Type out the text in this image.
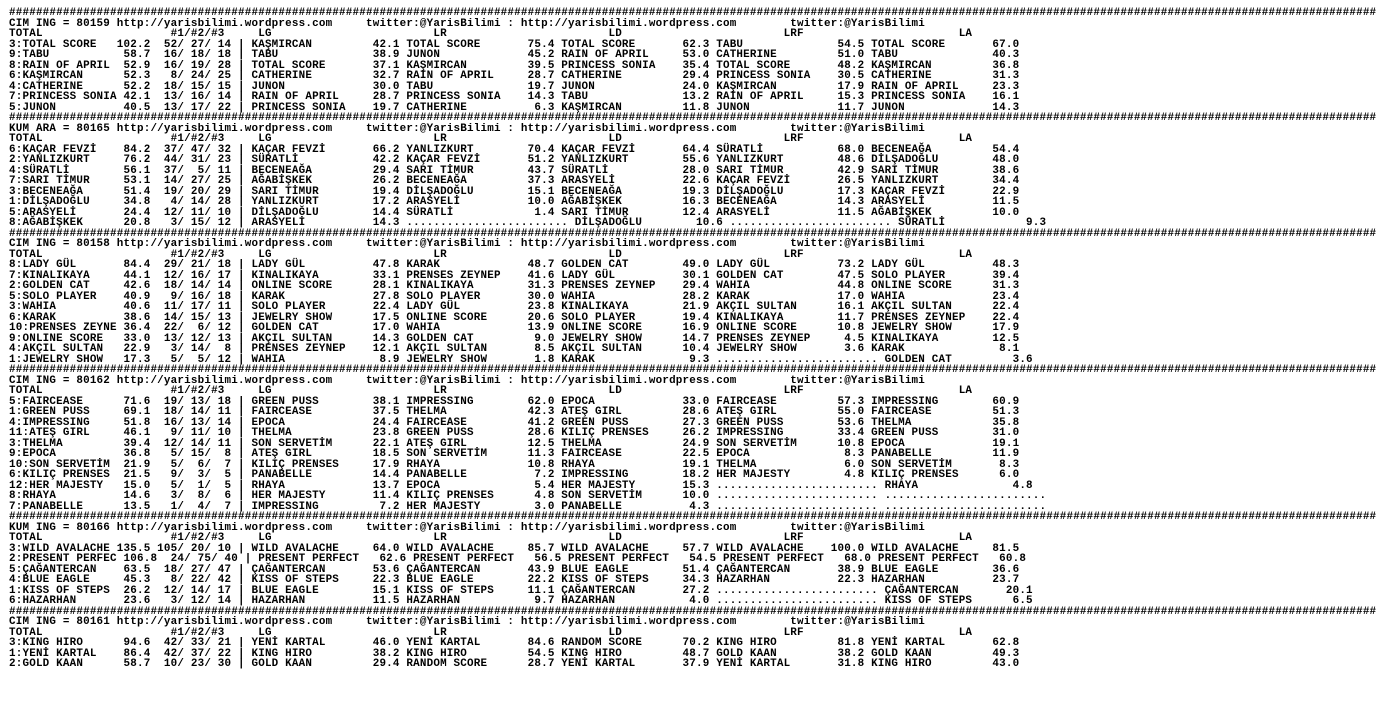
###########################################################################################################################################################################################################
CIM ING = 80159 http://yarisbilimi.wordpress.com     twitter:@YarisBilimi : http://yarisbilimi.wordpress.com        twitter:@YarisBilimi
TOTAL                   #1/#2/#3     LG                        LR                        LD                        LRF                       LA
3:TOTAL SCORE   102.2  52/ 27/ 14 | KAŞMIRCAN         42.1 TOTAL SCORE       75.4 TOTAL SCORE       62.3 TABU              54.5 TOTAL SCORE       67.0
9:TABU           58.7  16/ 18/ 18 | TABU              38.9 JUNON             45.2 RAIN OF APRIL     53.0 CATHERINE         51.0 TABU              40.3
8:RAIN OF APRIL  52.9  16/ 19/ 28 | TOTAL SCORE       37.1 KAŞMIRCAN         39.5 PRINCESS SONIA    35.4 TOTAL SCORE       48.2 KAŞMIRCAN         36.8
6:KAŞMIRCAN      52.3   8/ 24/ 25 | CATHERINE         32.7 RAIN OF APRIL     28.7 CATHERINE         29.4 PRINCESS SONIA    30.5 CATHERINE         31.3
4:CATHERINE      52.2  18/ 15/ 15 | JUNON             30.0 TABU              19.7 JUNON             24.0 KAŞMIRCAN         17.9 RAIN OF APRIL     23.3
7:PRINCESS SONIA 42.1  13/ 16/ 14 | RAIN OF APRIL     28.7 PRINCESS SONIA    14.3 TABU              13.2 RAIN OF APRIL     15.3 PRINCESS SONIA    16.1
5:JUNON          40.5  13/ 17/ 22 | PRINCESS SONIA    19.7 CATHERINE          6.3 KAŞMIRCAN         11.8 JUNON             11.7 JUNON             14.3
###########################################################################################################################################################################################################
KUM ARA = 80165 http://yarisbilimi.wordpress.com     twitter:@YarisBilimi : http://yarisbilimi.wordpress.com        twitter:@YarisBilimi
TOTAL                   #1/#2/#3     LG                        LR                        LD                        LRF                       LA
6:KAÇAR FEVZİ    84.2  37/ 47/ 32 | KAÇAR FEVZİ       66.2 YANLIZKURT        70.4 KAÇAR FEVZİ       64.4 SÜRATLİ           68.0 BECENEAĞA         54.4
2:YANLIZKURT     76.2  44/ 31/ 23 | SÜRATLİ           42.2 KAÇAR FEVZİ       51.2 YANLIZKURT        55.6 YANLIZKURT        48.6 DİLŞADOĞLU        48.0
4:SÜRATLİ        56.1  37/  5/ 11 | BECENEAĞA         29.4 SARI TİMUR        43.7 SÜRATLİ           28.0 SARI TİMUR        42.9 SARI TİMUR        38.6
7:SARI TİMUR     53.1  14/ 27/ 25 | AĞABİŞKEK         26.2 BECENEAĞA         37.3 ARASYELİ          22.6 KAÇAR FEVZİ       26.5 YANLIZKURT        34.4
3:BECENEAĞA      51.4  19/ 20/ 29 | SARI TİMUR        19.4 DİLŞADOĞLU        15.1 BECENEAĞA         19.3 DİLŞADOĞLU        17.3 KAÇAR FEVZİ       22.9
1:DİLŞADOĞLU     34.8   4/ 14/ 28 | YANLIZKURT        17.2 ARASYELİ          10.0 AĞABİŞKEK         16.3 BECENEAĞA         14.3 ARASYELİ          11.5
5:ARASYELİ       24.4  12/ 11/ 10 | DİLŞADOĞLU        14.4 SÜRATLİ            1.4 SARI TİMUR        12.4 ARASYELİ          11.5 AĞABİŞKEK         10.0
8:AĞABİŞKEK      20.8   3/ 15/ 12 | ARASYELİ          14.3 ........................ DİLŞADOĞLU        10.6 ........................ SÜRATLİ            9.3
###########################################################################################################################################################################################################
CIM ING = 80158 http://yarisbilimi.wordpress.com     twitter:@YarisBilimi : http://yarisbilimi.wordpress.com        twitter:@YarisBilimi
TOTAL                   #1/#2/#3     LG                        LR                        LD                        LRF                       LA
8:LADY GÜL       84.4  29/ 21/ 18 | LADY GÜL          47.8 KARAK             48.7 GOLDEN CAT        49.0 LADY GÜL          73.2 LADY GÜL          48.3
7:KINALIKAYA     44.1  12/ 16/ 17 | KINALIKAYA        33.1 PRENSES ZEYNEP    41.6 LADY GÜL          30.1 GOLDEN CAT        47.5 SOLO PLAYER       39.4
2:GOLDEN CAT     42.6  18/ 14/ 14 | ONLINE SCORE      28.1 KINALIKAYA        31.3 PRENSES ZEYNEP    29.4 WAHIA             44.8 ONLINE SCORE      31.3
5:SOLO PLAYER    40.9   9/ 16/ 18 | KARAK             27.8 SOLO PLAYER       30.0 WAHIA             28.2 KARAK             17.0 WAHIA             23.4
3:WAHIA          40.6  11/ 17/ 11 | SOLO PLAYER       22.4 LADY GÜL          23.8 KINALIKAYA        21.9 AKÇIL SULTAN      16.1 AKÇIL SULTAN      22.4
6:KARAK          38.6  14/ 15/ 13 | JEWELRY SHOW      17.5 ONLINE SCORE      20.6 SOLO PLAYER       19.4 KINALIKAYA        11.7 PRENSES ZEYNEP    22.4
10:PRENSES ZEYNE 36.4  22/  6/ 12 | GOLDEN CAT        17.0 WAHIA             13.9 ONLINE SCORE      16.9 ONLINE SCORE      10.8 JEWELRY SHOW      17.9
9:ONLINE SCORE   33.0  13/ 12/ 13 | AKÇIL SULTAN      14.3 GOLDEN CAT         9.0 JEWELRY SHOW      14.7 PRENSES ZEYNEP     4.5 KINALIKAYA        12.5
4:AKÇIL SULTAN   22.9   3/ 14/  8 | PRENSES ZEYNEP    12.1 AKÇIL SULTAN       8.5 AKÇIL SULTAN      10.4 JEWELRY SHOW       3.6 KARAK              8.1
1:JEWELRY SHOW   17.3   5/  5/ 12 | WAHIA              8.9 JEWELRY SHOW       1.8 KARAK              9.3 ........................ GOLDEN CAT         3.6
###########################################################################################################################################################################################################
CIM ING = 80162 http://yarisbilimi.wordpress.com     twitter:@YarisBilimi : http://yarisbilimi.wordpress.com        twitter:@YarisBilimi
TOTAL                   #1/#2/#3     LG                        LR                        LD                        LRF                       LA
5:FAIRCEASE      71.6  19/ 13/ 18 | GREEN PUSS        38.1 IMPRESSING        62.0 EPOCA             33.0 FAIRCEASE         57.3 IMPRESSING        60.9
1:GREEN PUSS     69.1  18/ 14/ 11 | FAIRCEASE         37.5 THELMA            42.3 ATEŞ GIRL         28.6 ATEŞ GIRL         55.0 FAIRCEASE         51.3
4:IMPRESSING     51.8  16/ 13/ 14 | EPOCA             24.4 FAIRCEASE         41.2 GREEN PUSS        27.3 GREEN PUSS        53.6 THELMA            35.8
11:ATEŞ GIRL     46.1   9/ 11/ 10 | THELMA            23.8 GREEN PUSS        28.6 KILIÇ PRENSES     26.2 IMPRESSING        33.4 GREEN PUSS        31.0
3:THELMA         39.4  12/ 14/ 11 | SON SERVETİM      22.1 ATEŞ GIRL         12.5 THELMA            24.9 SON SERVETİM      10.8 EPOCA             19.1
9:EPOCA          36.8   5/ 15/  8 | ATEŞ GIRL         18.5 SON SERVETİM      11.3 FAIRCEASE         22.5 EPOCA              8.3 PANABELLE         11.9
10:SON SERVETİM  21.9   5/  6/  7 | KILIÇ PRENSES     17.9 RHAYA             10.8 RHAYA             19.1 THELMA             6.0 SON SERVETİM       8.3
6:KILIÇ PRENSES  21.5   9/  3/  5 | PANABELLE         14.4 PANABELLE          7.2 IMPRESSING        18.2 HER MAJESTY        4.8 KILIÇ PRENSES      6.0
12:HER MAJESTY   15.0   5/  1/  5 | RHAYA             13.7 EPOCA              5.4 HER MAJESTY       15.3 ........................ RHAYA              4.8
8:RHAYA          14.6   3/  8/  6 | HER MAJESTY       11.4 KILIÇ PRENSES      4.8 SON SERVETİM      10.0 ........................ ........................
7:PANABELLE      13.5   1/  4/  7 | IMPRESSING         7.2 HER MAJESTY        3.0 PANABELLE          4.3 ........................ ........................
###########################################################################################################################################################################################################
KUM ING = 80166 http://yarisbilimi.wordpress.com     twitter:@YarisBilimi : http://yarisbilimi.wordpress.com        twitter:@YarisBilimi
TOTAL                   #1/#2/#3     LG                        LR                        LD                        LRF                       LA
3:WILD AVALACHE 135.5 105/ 20/ 10 | WILD AVALACHE     64.0 WILD AVALACHE     85.7 WILD AVALACHE     57.7 WILD AVALACHE    100.0 WILD AVALACHE     81.5
2:PRESENT PERFEC 106.8  24/ 75/ 40 | PRESENT PERFECT   62.6 PRESENT PERFECT   56.5 PRESENT PERFECT   54.5 PRESENT PERFECT   68.0 PRESENT PERFECT   60.8
5:ÇAĞANTERCAN    63.5  18/ 27/ 47 | ÇAĞANTERCAN       53.6 ÇAĞANTERCAN       43.9 BLUE EAGLE        51.4 ÇAĞANTERCAN       38.9 BLUE EAGLE        36.6
4:BLUE EAGLE     45.3   8/ 22/ 42 | KISS OF STEPS     22.3 BLUE EAGLE        22.2 KISS OF STEPS     34.3 HAZARHAN          22.3 HAZARHAN          23.7
1:KISS OF STEPS  26.2  12/ 14/ 17 | BLUE EAGLE        15.1 KISS OF STEPS     11.1 ÇAĞANTERCAN       27.2 ........................ ÇAĞANTERCAN       20.1
6:HAZARHAN       23.6   3/ 12/ 14 | HAZARHAN          11.5 HAZARHAN           9.7 HAZARHAN           4.0 ........................ KISS OF STEPS      6.5
###########################################################################################################################################################################################################
CIM ING = 80161 http://yarisbilimi.wordpress.com     twitter:@YarisBilimi : http://yarisbilimi.wordpress.com        twitter:@YarisBilimi
TOTAL                   #1/#2/#3     LG                        LR                        LD                        LRF                       LA
3:KING HIRO      94.6  42/ 33/ 21 | YENİ KARTAL       46.0 YENİ KARTAL       84.6 RANDOM SCORE      70.2 KING HIRO         81.8 YENİ KARTAL       62.8
1:YENİ KARTAL    86.4  42/ 37/ 22 | KING HIRO         38.2 KING HIRO         54.5 KING HIRO         48.7 GOLD KAAN         38.2 GOLD KAAN         49.3
2:GOLD KAAN      58.7  10/ 23/ 30 | GOLD KAAN         29.4 RANDOM SCORE      28.7 YENİ KARTAL       37.9 YENİ KARTAL       31.8 KING HIRO         43.0
